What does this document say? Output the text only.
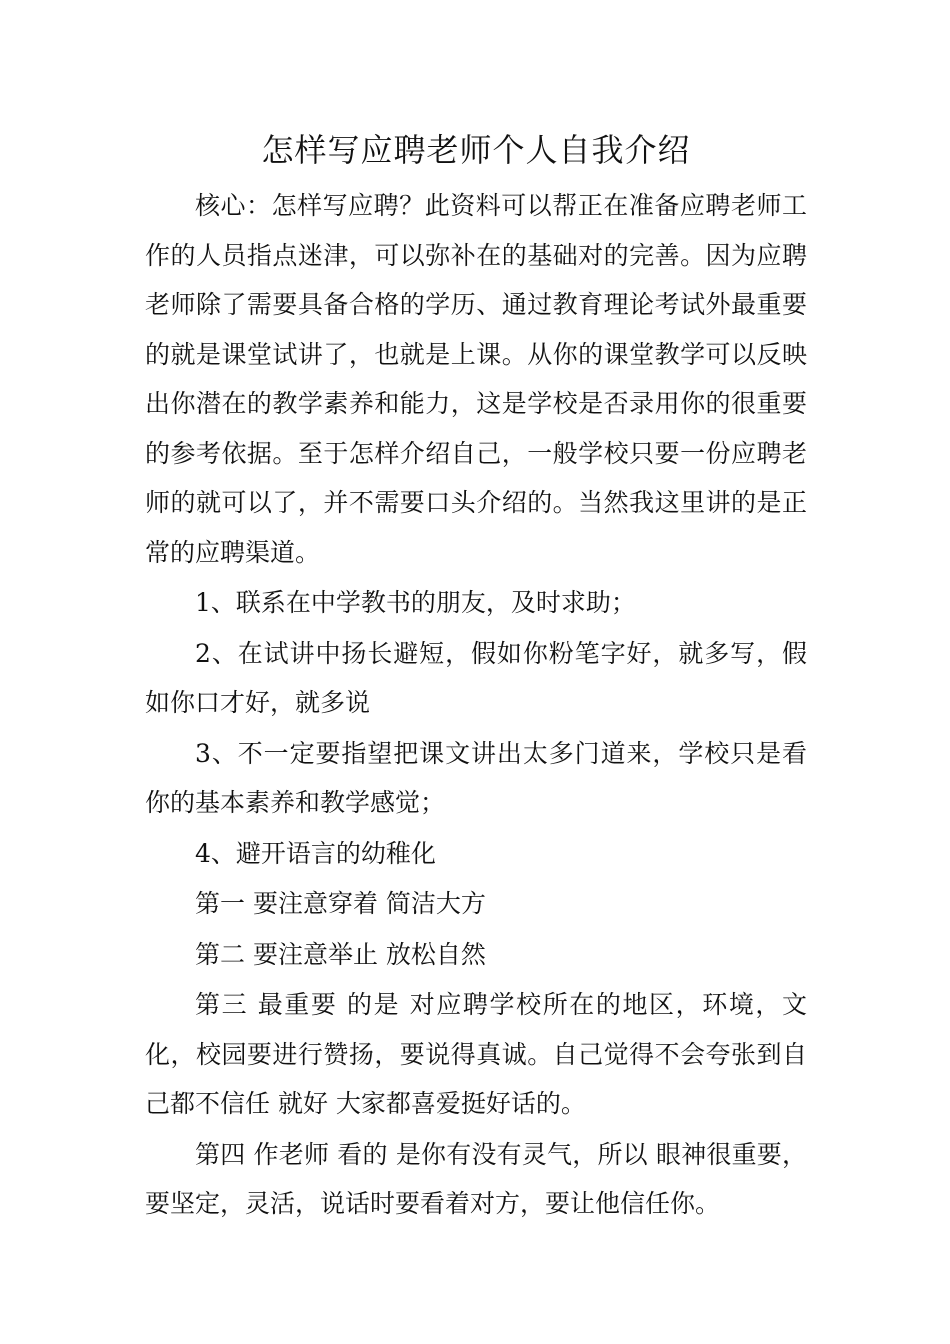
怎样写应聘老师个人自我介绍

核心：怎样写应聘？此资料可以帮正在准备应聘老师工作的人员指点迷津，可以弥补在的基础对的完善。因为应聘老师除了需要具备合格的学历、通过教育理论考试外最重要的就是课堂试讲了，也就是上课。从你的课堂教学可以反映出你潜在的教学素养和能力，这是学校是否录用你的很重要的参考依据。至于怎样介绍自己，一般学校只要一份应聘老师的就可以了，并不需要口头介绍的。当然我这里讲的是正常的应聘渠道。

1、联系在中学教书的朋友，及时求助；

2、在试讲中扬长避短，假如你粉笔字好，就多写，假如你口才好，就多说

3、不一定要指望把课文讲出太多门道来，学校只是看你的基本素养和教学感觉；

4、避开语言的幼稚化

第一 要注意穿着 简洁大方

第二 要注意举止 放松自然

第三 最重要 的是 对应聘学校所在的地区，环境，文化，校园要进行赞扬，要说得真诚。自己觉得不会夸张到自己都不信任 就好 大家都喜爱挺好话的。

第四 作老师 看的 是你有没有灵气，所以 眼神很重要，要坚定，灵活，说话时要看着对方，要让他信任你。
